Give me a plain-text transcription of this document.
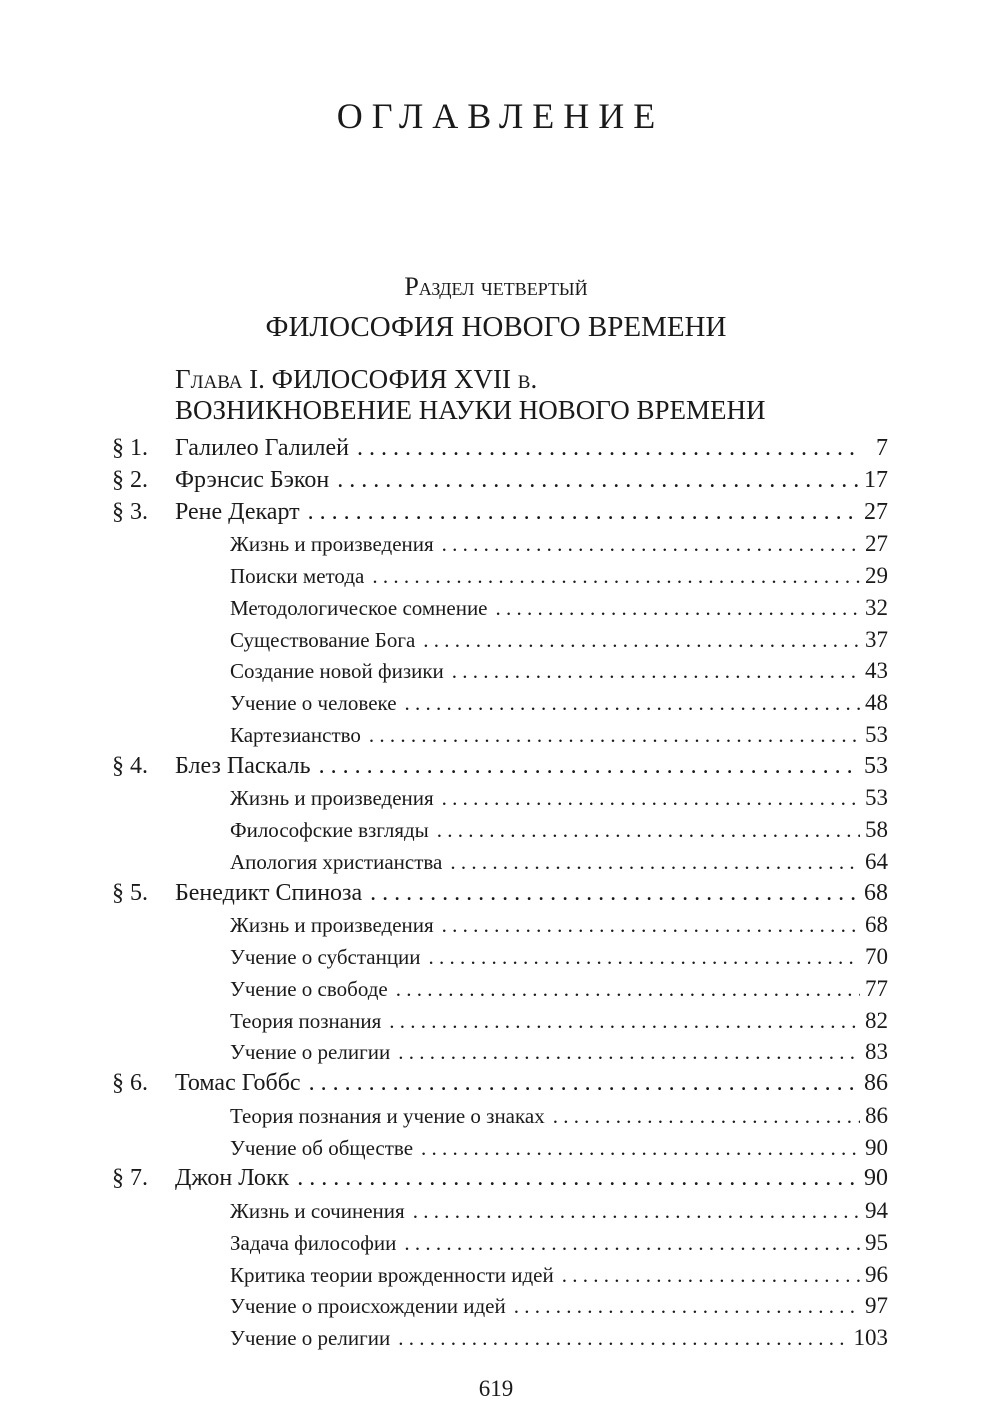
ОГЛАВЛЕНИЕ
Раздел четвертый
ФИЛОСОФИЯ НОВОГО ВРЕМЕНИ
Глава I. ФИЛОСОФИЯ XVII в.
ВОЗНИКНОВЕНИЕ НАУКИ НОВОГО ВРЕМЕНИ
§ 1.	Галилео Галилей . . .	7
§ 2.	Фрэнсис Бэкон . . .	17
§ 3.	Рене Декарт . . .	27
Жизнь и произведения . . .	27
Поиски метода . . .	29
Методологическое сомнение . . .	32
Существование Бога . . .	37
Создание новой физики . . .	43
Учение о человеке . . .	48
Картезианство . . .	53
§ 4.	Блез Паскаль . . .	53
Жизнь и произведения . . .	53
Философские взгляды . . .	58
Апология христианства . . .	64
§ 5.	Бенедикт Спиноза . . .	68
Жизнь и произведения . . .	68
Учение о субстанции . . .	70
Учение о свободе . . .	77
Теория познания . . .	82
Учение о религии . . .	83
§ 6.	Томас Гоббс . . .	86
Теория познания и учение о знаках . . .	86
Учение об обществе . . .	90
§ 7.	Джон Локк . . .	90
Жизнь и сочинения . . .	94
Задача философии . . .	95
Критика теории врожденности идей . . .	96
Учение о происхождении идей . . .	97
Учение о религии . . .	103
619
